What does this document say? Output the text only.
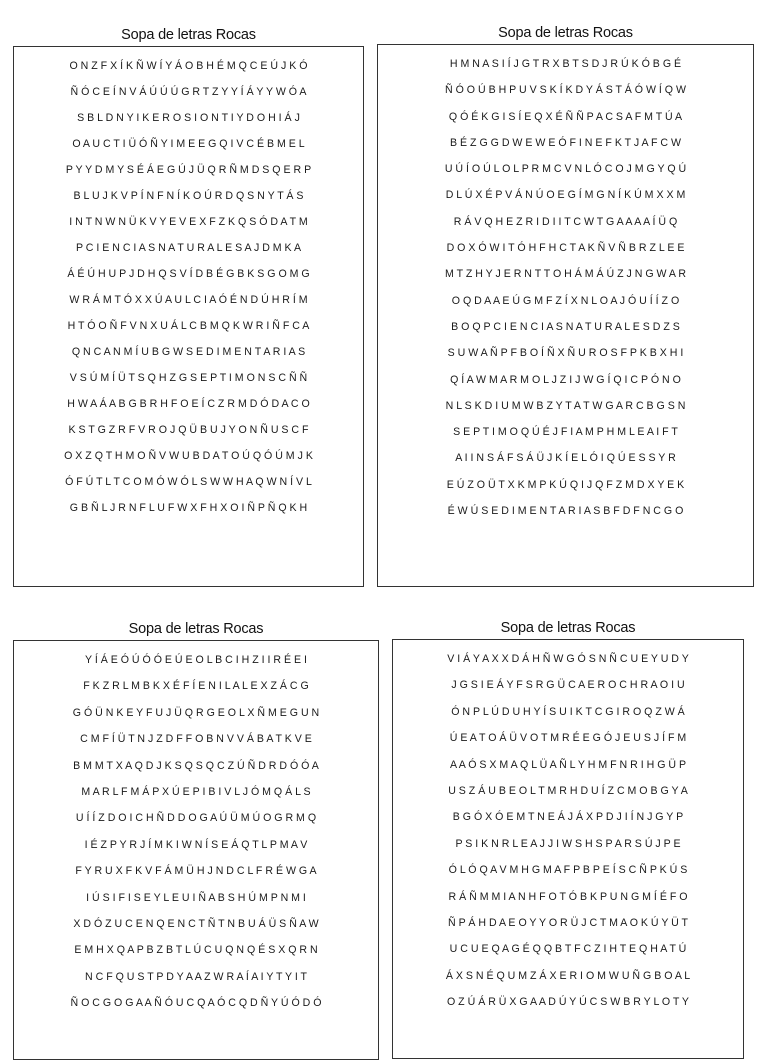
Sopa de letras Rocas
O N Z F X Í K Ñ W Í Y Á O B H É M Q C E Ú J K Ó
Ñ Ó C E Í N V Á Ú Ú Ú G R T Z Y Y Í Á Y Y W Ó A
S B L D N Y I K E R O S I O N T I Y D O H I Á J
O A U C T I Ü Ó Ñ Y I M E E G Q I V C É B M E L
P Y Y D M Y S É Á E G Ú J Ü Q R Ñ M D S Q E R P
B L U J K V P Í N F N Í K O Ú R D Q S N Y T Á S
I N T N W N Ü K V Y E V E X F Z K Q S Ó D A T M
P C I E N C I A S N A T U R A L E S A J D M K A
Á É Ú H U P J D H Q S V Í D B É G B K S G O M G
W R Á M T Ó X X Ú A U L C I A Ó É N D Ú H R Í M
H T Ó O Ñ F V N X U Á L C B M Q K W R I Ñ F C A
Q N C A N M Í U B G W S E D I M E N T A R I A S
V S Ú M Í Ü T S Q H Z G S E P T I M O N S C Ñ Ñ
H W A Á A B G B R H F O E Í C Z R M D Ó D A C O
K S T G Z R F V R O J Q Ü B U J Y O N Ñ U S C F
O X Z Q T H M O Ñ V W U B D A T O Ú Q Ó Ú M J K
Ó F Ú T L T C O M Ó W Ó L S W W H A Q W N Í V L
G B Ñ L J R N F L U F W X F H X O I Ñ P Ñ Q K H
Sopa de letras Rocas
H M N A S I Í J G T R X B T S D J R Ú K Ó B G É
Ñ Ó O Ú B H P U V S K Í K D Y Á S T Á Ó W Í Q W
Q Ó É K G I S Í E Q X É Ñ Ñ P A C S A F M T Ú A
B É Z G G D W E W E Ó F I N E F K T J A F C W
U Ú Í O Ú L O L P R M C V N L Ó C O J M G Y Q Ú
D L Ú X É P V Á N Ú O E G Í M G N Í K Ú M X X M
R Á V Q H E Z R I D I I T C W T G A A A A Í Ü Q
D O X Ó W I T Ó H F H C T A K Ñ V Ñ B R Z L E E
M T Z H Y J E R N T T O H Á M Á Ú Z J N G W A R
O Q D A A E Ú G M F Z Í X N L O A J Ó U Í Í Z O
B O Q P C I E N C I A S N A T U R A L E S D Z S
S U W A Ñ P F B O Í Ñ X Ñ U R O S F P K B X H I
Q Í A W M A R M O L J Z I J W G Í Q I C P Ó N O
N L S K D I U M W B Z Y T A T W G A R C B G S N
S E P T I M O Q Ú É J F I A M P H M L E A I F T
A I I N S Á F S Á Ü J K Í E L Ó I Q Ú E S S Y R
E Ú Z O Ü T X K M P K Ú Q I J Q F Z M D X Y E K
É W Ú S E D I M E N T A R I A S B F D F N C G O
Sopa de letras Rocas
Y Í Á E Ó Ú Ó Ó E Ú E O L B C I H Z I I R É E I
F K Z R L M B K X É F Í E N I L A L E X Z Á C G
G Ó Ü N K E Y F U J Ü Q R G E O L X Ñ M E G U N
C M F Í Ü T N J Z D F F O B N V V Á B A T K V E
B M M T X A Q D J K S Q S Q C Z Ú Ñ D R D Ó Ó A
M A R L F M Á P X Ú E P I B I V L J Ó M Q Á L S
U Í Í Z D O I C H Ñ D D O G A Ú Ü M Ú O G R M Q
I É Z P Y R J Í M K I W N Í S E Á Q T L P M A V
F Y R U X F K V F Á M Ü H J N D C L F R É W G A
I Ú S I F I S E Y L E U I Ñ A B S H Ú M P N M I
X D Ó Z U C E N Q E N C T Ñ T N B U Á Ü S Ñ A W
E M H X Q A P B Z B T L Ú C U Q N Q É S X Q R N
N C F Q U S T P D Y A A Z W R A Í A I Y T Y I T
Ñ O C G O G A A Ñ Ó U C Q A Ó C Q D Ñ Y Ú Ó D Ó
Sopa de letras Rocas
V I Á Y A X X D Á H Ñ W G Ó S N Ñ C U E Y U D Y
J G S I E Á Y F S R G Ü C A E R O C H R A O I U
Ó N P L Ú D U H Y Í S U I K T C G I R O Q Z W Á
Ú E A T O Á Ü V O T M R É E G Ó J E U S J Í F M
A A Ó S X M A Q L Ü A Ñ L Y H M F N R I H G Ü P
U S Z Á U B E O L T M R H D U Í Z C M O B G Y A
B G Ó X Ó E M T N E Á J Á X P D J I Í N J G Y P
P S I K N R L E A J J I W S H S P A R S Ú J P E
Ó L Ó Q A V M H G M A F P B P E Í S C Ñ P K Ú S
R Á Ñ M M I A N H F O T Ó B K P U N G M Í É F O
Ñ P Á H D A E O Y Y O R Ü J C T M A O K Ú Y Ü T
U C U E Q A G É Q Q B T F C Z I H T E Q H A T Ú
Á X S N É Q U M Z Á X E R I O M W U Ñ G B O A L
O Z Ú Á R Ü X G A A D Ú Y Ú C S W B R Y L O T Y
